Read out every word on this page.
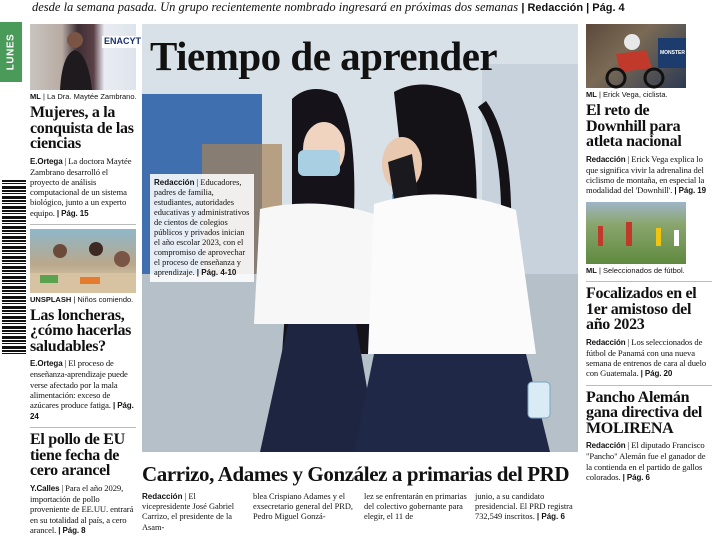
desde la semana pasada. Un grupo recientemente nombrado ingresará en próximas dos semanas | Redacción | Pág. 4
LUNES	ENACYT
ML | La Dra. Maytée Zambrano.
Mujeres, a la conquista de las ciencias
E.Ortega | La doctora Maytée Zambrano desarrolló el proyecto de análisis computacional de un sistema biológico, junto a un experto equipo. | Pág. 15
UNSPLASH | Niños comiendo.
Las loncheras, ¿cómo hacerlas saludables?
E.Ortega | El proceso de enseñanza-aprendizaje puede verse afectado por la mala alimentación: exceso de azúcares produce fatiga. | Pág. 24
El pollo de EU tiene fecha de cero arancel
Y.Calles | Para el año 2029, importación de pollo proveniente de EE.UU. entrará en su totalidad al país, a cero arancel. | Pág. 8
Tiempo de aprender
Redacción | Educadores, padres de familia, estudiantes, autoridades educativas y administrativos de cientos de colegios públicos y privados inician el año escolar 2023, con el compromiso de aprovechar el proceso de enseñanza y aprendizaje. | Pág. 4-10
Carrizo, Adames y González a primarias del PRD
Redacción | El vicepresidente José Gabriel Carrizo, el presidente de la Asam-
blea Crispiano Adames y el exsecretario general del PRD, Pedro Miguel Gonzá-
lez se enfrentarán en primarias del colectivo gobernante para elegir, el 11 de
junio, a su candidato presidencial. El PRD registra 732,549 inscritos. | Pág. 6
MONSTER
ML | Erick Vega, ciclista.
El reto de Downhill para atleta nacional
Redacción | Erick Vega explica lo que significa vivir la adrenalina del ciclismo de montaña, en especial la modalidad del 'Downhill'. | Pág. 19
ML | Seleccionados de fútbol.
Focalizados en el 1er amistoso del año 2023
Redacción | Los seleccionados de fútbol de Panamá con una nueva semana de entrenos de cara al duelo con Guatemala. | Pág. 20
Pancho Alemán gana directiva del MOLIRENA
Redacción | El diputado Francisco "Pancho" Alemán fue el ganador de la contienda en el partido de gallos colorados. | Pág. 6
